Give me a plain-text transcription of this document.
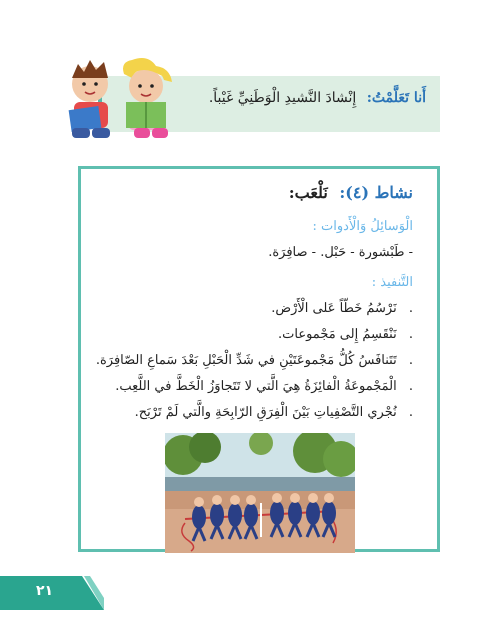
أَنا تَعَلَّمْتُ: إِنْشادَ النَّشيدِ الْوَطَنِيِّ غَيْباً.
نشاط (٤): نَلْعَب:
الْوَسائِلُ وَالْأَدوات :
- طَبْشورة - حَبْل. - صافِرَة.
التَّنفيذ :
. نَرْسُمُ خَطّاً عَلى الْأَرْض.
. نَنْقَسِمُ إِلى مَجْموعات.
. تَتَنافَسُ كُلُّ مَجْموعَتَيْنِ في شَدِّ الْحَبْلِ بَعْدَ سَماعِ الصّافِرَة.
. الْمَجْموعَةُ الْفائِزَةُ هِيَ الَّتي لا تَتَجاوَزُ الْخَطَّ في اللَّعِب.
. نُجْري التَّصْفِياتِ بَيْنَ الْفِرَقِ الرّابِحَةِ والَّتي لَمْ تَرْبَح.
٢١
